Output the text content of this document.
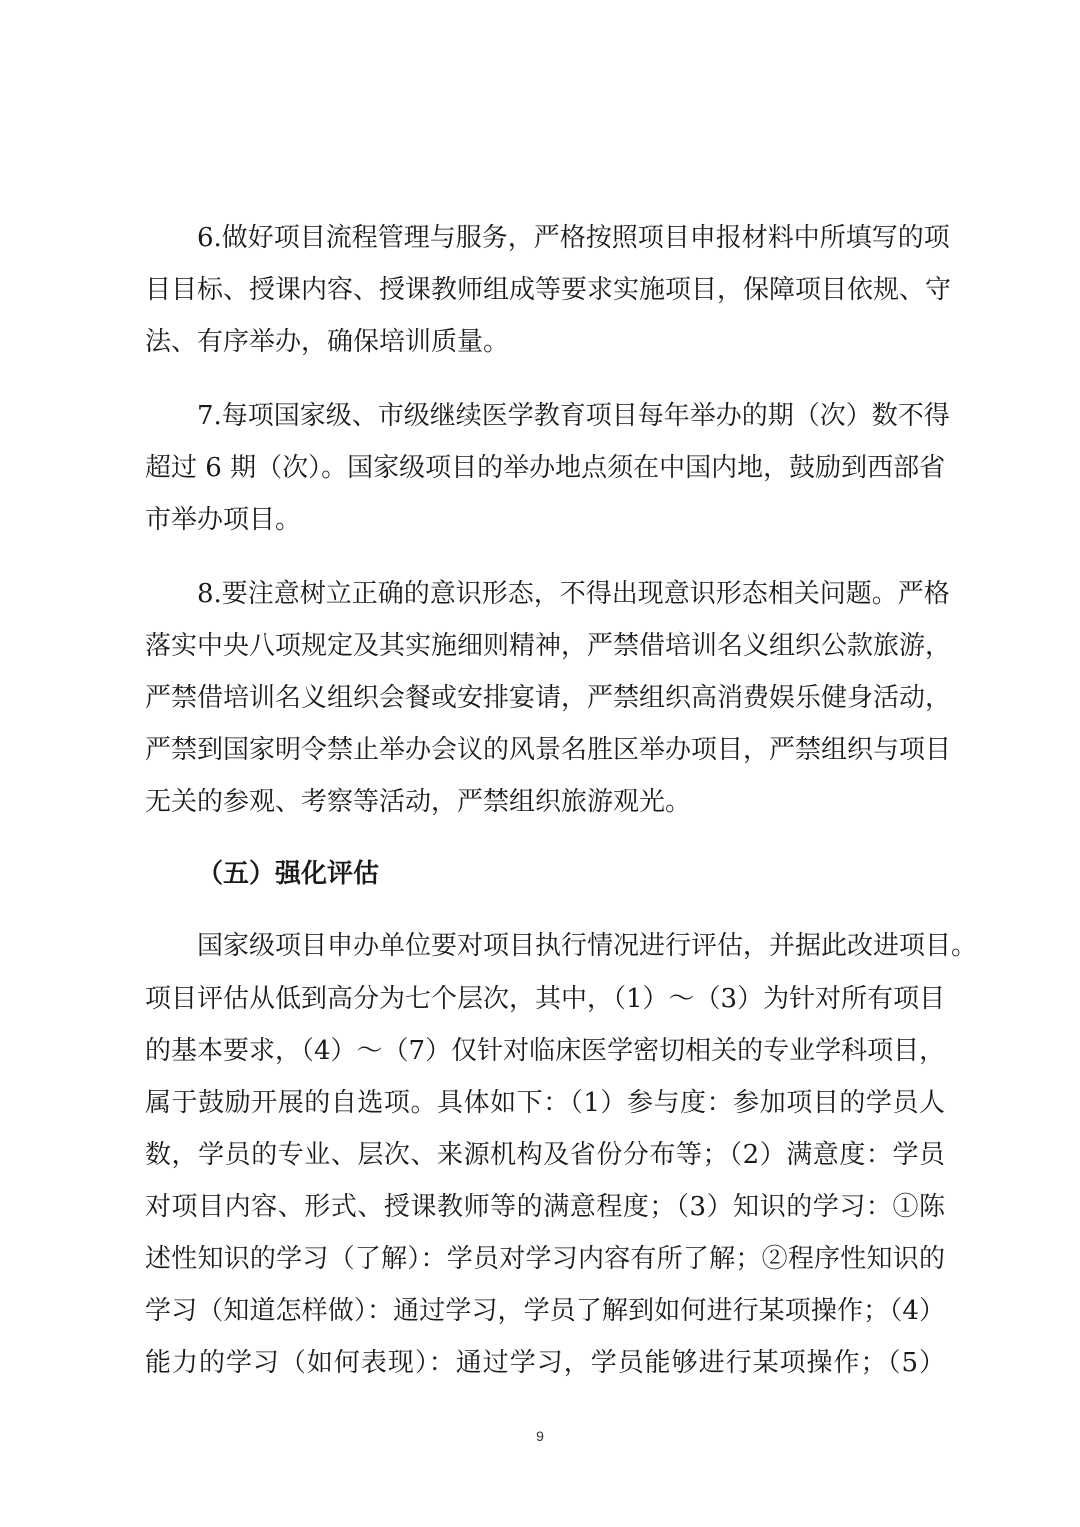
6.做好项目流程管理与服务，严格按照项目申报材料中所填写的项
目目标、授课内容、授课教师组成等要求实施项目，保障项目依规、守
法、有序举办，确保培训质量。
7.每项国家级、市级继续医学教育项目每年举办的期（次）数不得
超过 6 期（次）。国家级项目的举办地点须在中国内地，鼓励到西部省
市举办项目。
8.要注意树立正确的意识形态，不得出现意识形态相关问题。严格
落实中央八项规定及其实施细则精神，严禁借培训名义组织公款旅游，
严禁借培训名义组织会餐或安排宴请，严禁组织高消费娱乐健身活动，
严禁到国家明令禁止举办会议的风景名胜区举办项目，严禁组织与项目
无关的参观、考察等活动，严禁组织旅游观光。
（五）强化评估
国家级项目申办单位要对项目执行情况进行评估，并据此改进项目。
项目评估从低到高分为七个层次，其中，（1）～（3）为针对所有项目
的基本要求，（4）～（7）仅针对临床医学密切相关的专业学科项目，
属于鼓励开展的自选项。具体如下：（1）参与度：参加项目的学员人
数，学员的专业、层次、来源机构及省份分布等；（2）满意度：学员
对项目内容、形式、授课教师等的满意程度；（3）知识的学习：①陈
述性知识的学习（了解）：学员对学习内容有所了解；②程序性知识的
学习（知道怎样做）：通过学习，学员了解到如何进行某项操作；（4）
能力的学习（如何表现）：通过学习，学员能够进行某项操作；（5）
9
